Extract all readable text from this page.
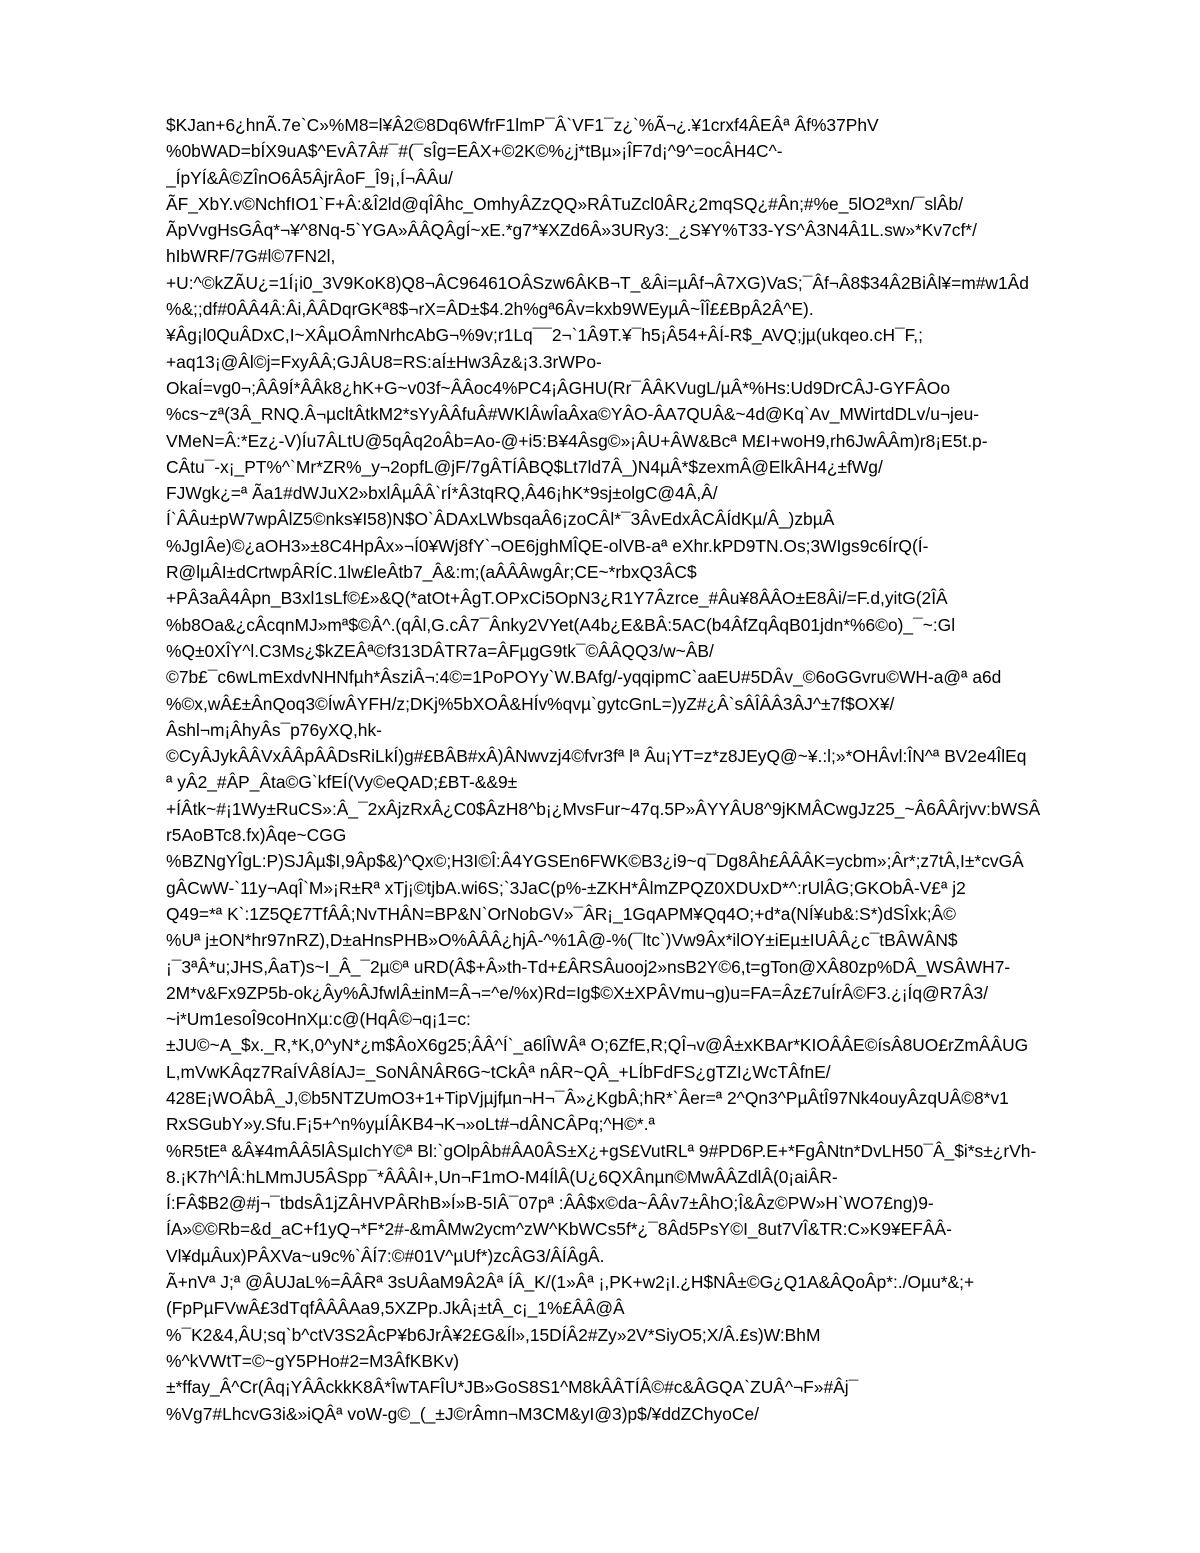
$KJan+6¿hnÃ.7e`C»%M8=l¥Â2©8Dq6WfrF1lmP¯Â`VF1¯z¿`%Ã¬¿.¥1crxf4ÂEÂª Âf%37PhV
%0bWAD=bÍX9uA$^EvÂ7Â#¯#(¯sÎg=EÂX+©2K©%¿j*tBµ»¡ÎF7d¡^9^=ocÂH4C^-
_ÍpYÍ&Â©ZÎnO6Â5ÂjrÂoF_Î9¡,Í¬ÂÂu/
ÃF_XbY.v©NchfIO1`F+Â:&Î2ld@qÎÂhc_OmhyÂZzQQ»RÂTuZcl0ÂR¿2mqSQ¿#Ân;#%e_5lO2ªxn/¯slÂb/
ÃpVvgHsGÂq*¬¥^8Nq-5`YGA»ÂÂQÂgÍ~xE.*g7*¥XZd6Â»3URy3:_¿S¥Y%T33-YS^Â3N4Â1L.sw»*Kv7cf*/
hIbWRF/7G#l©7FN2l,
+U:^©kZÃU¿=1Í¡i0_3V9KoK8)Q8¬ÂC96461OÂSzw6ÂKB¬T_&Âi=µÂf¬Â7XG)VaS;¯Âf¬Â8$34Â2BiÂl¥=m#w1Âd
%&;;df#0ÂÂ4Â:Âi,ÂÂDqrGKª8$¬rX=ÂD±$4.2h%gª6Âv=kxb9WEyµÂ~ÎÎ££BpÂ2Â^E).
¥Âg¡l0QuÂDxC,I~XÂµOÂmNrhcAbG¬%9v;r1Lq¯¯2¬`1Â9T.¥¯h5¡Â54+ÂÍ-R$_AVQ;jµ(ukqeo.cH¯F,;
+aq13¡@Âl©j=FxyÂÂ;GJÂU8=RS:aÍ±Hw3Âz&¡3.3rWPo-
OkaÍ=vg0¬;ÂÂ9Í*ÂÂk8¿hK+G~v03f~ÂÂoc4%PC4¡ÂGHU(Rr¯ÂÂKVugL/µÂ*%Hs:Ud9DrCÂJ-GYFÂOo
%cs~zª(3Â_RNQ.Â¬µcltÂtkM2*sYyÂÂfuÂ#WKlÂwÎaÂxa©YÂO-ÂA7QUÂ&~4d@Kq`Av_MWirtdDLv/u¬jeu-
VMeN=Â:*Ez¿-V)Íu7ÂLtU@5qÂq2oÂb=Ao-@+i5:B¥4Âsg©»¡ÂU+ÂW&Bcª M£I+woH9,rh6JwÂÂm)r8¡E5t.p-
CÂtu¯-x¡_PT%^`Mr*ZR%_y¬2opfL@jF/7gÂTÍÂBQ$Lt7ld7Â_)N4µÂ*$zexmÂ@ElkÂH4¿±fWg/
FJWgk¿=ª Ãa1#dWJuX2»bxlÂµÂÂ`rÍ*Â3tqRQ,Â46¡hK*9sj±olgC@4Â,Â/
Í`ÂÂu±pW7wpÂlZ5©nks¥I58)N$O`ÂDAxLWbsqaÂ6¡zoCÂl*¯3ÂvEdxÂCÂÍdKµ/Â_)zbµÂ
%JgIÂe)©¿aOH3»±8C4HpÂx»¬Í0¥Wj8fY`¬OE6jghMÎQE-olVB-aª eXhr.kPD9TN.Os;3WIgs9c6ÍrQ(Í-
R@lµÂI±dCrtwpÂRÍC.1lw£leÂtb7_Â&:m;(aÂÂÂwgÂr;CE~*rbxQ3ÂC$
+PÂ3aÂ4Âpn_B3xl1sLf©£»&Q(*atOt+ÂgT.OPxCi5OpN3¿R1Y7Âzrce_#Âu¥8ÂÂO±E8Âi/=F.d,yitG(2ÎÂ
%b8Oa&¿cÂcqnMJ»mª$©Â^.(qÂl,G.cÂ7¯Ânky2VYet(A4b¿E&BÂ:5AC(b4ÂfZqÂqB01jdn*%6©o)_¯~:Gl
%Q±0XÎY^l.C3Ms¿$kZEÂª©f313DÂTR7a=ÂFµgG9tk¯©ÂÂQQ3/w~ÂB/
©7b£¯c6wLmExdvNHNfµh*ÂsziÂ¬:4©=1PoPOYy`W.BAfg/-yqqipmC`aaEU#5DÂv_©6oGGvru©WH-a@ª a6d
%©x,wÂ£±ÂnQoq3©ÍwÂYFH/z;DKj%5bXOÂ&HÍv%qvµ`gytcGnL=)yZ#¿Â`sÂÎÂÂ3ÂJ^±7f$OX¥/
Âshl¬m¡ÂhyÂs¯p76yXQ,hk-
©CyÂJykÂÂVxÂÂpÂÂDsRiLkÍ)g#£BÂB#xÂ)ÂNwvzj4©fvr3fª lª Âu¡YT=z*z8JEyQ@~¥.:l;»*OHÂvl:ÎN^ª BV2e4ÎlEq
ª yÂ2_#ÂP_Âta©G`kfEÍ(Vy©eQAD;£BT-&&9±
+ÍÂtk~#¡1Wy±RuCS»:Â_¯2xÂjzRxÂ¿C0$ÂzH8^b¡¿MvsFur~47q.5P»ÂYYÂU8^9jKMÂCwgJz25_~Â6ÂÂrjvv:bWSÂ
r5AoBTc8.fx)Âqe~CGG
%BZNgYÎgL:P)SJÂµ$I,9Âp$&)^Qx©;H3I©Î:Â4YGSEn6FWK©B3¿i9~q¯Dg8Âh£ÂÂÂK=ycbm»;Âr*;z7tÂ,I±*cvGÂ
gÂCwW-`11y¬AqÎ`M»¡R±Rª xTj¡©tjbA.wi6S;`3JaC(p%-±ZKH*ÂlmZPQZ0XDUxD*^:rUlÂG;GKObÂ-V£ª j2
Q49=*ª K`:1Z5Q£7TfÂÂ;NvTHÂN=BP&N`OrNobGV»¯ÂR¡_1GqAPM¥Qq4O;+d*a(NÍ¥ub&:S*)dSÎxk;Â©
%Uª j±ON*hr97nRZ),D±aHnsPHB»O%ÂÂÂ¿hjÂ-^%1Â@-%(¯ltc`)Vw9Âx*ilOY±iEµ±IUÂÂ¿c¯tBÂWÂN$
¡¯3ªÂ*u;JHS,ÂaT)s~I_Â_¯2µ©ª uRD(Â$+Â»th-Td+£ÂRSÂuooj2»nsB2Y©6,t=gTon@XÂ80zp%DÂ_WSÂWH7-
2M*v&Fx9ZP5b-ok¿Ây%ÂJfwlÂ±inM=Â¬=^e/%x)Rd=Ig$©X±XPÂVmu¬g)u=FA=Âz£7uÍrÂ©F3.¿¡Íq@R7Â3/
~i*Um1esoÎ9coHnXµ:c@(HqÂ©¬q¡1=c:
±JU©~A_$x._R,*K,0^yN*¿m$ÂoX6g25;ÂÂ^Í`_a6lÎWÂª O;6ZfE,R;QÎ¬v@Â±xKBAr*KIOÂÂE©ísÂ8UO£rZmÂÂUG
L,mVwKÂqz7RaÍVÂ8ÍAJ=_SoNÂNÂR6G~tCkÂª nÂR~QÂ_+LÍbFdFS¿gTZI¿WcTÂfnE/
428E¡WOÂbÂ_J,©b5NTZUmO3+1+TipVjµjfµn¬H¬¯Â»¿KgbÂ;hR*`Âer=ª 2^Qn3^PµÂtÎ97Nk4ouyÂzqUÂ©8*v1
RxSGubY»y.Sfu.F¡5+^n%yµÍÂKB4¬K¬»oLt#¬dÂNCÂPq;^H©*.ª
%R5tEª &Â¥4mÂÂ5lÂSµIchY©ª Bl:`gOlpÂb#ÂA0ÂS±X¿+gS£VutRLª 9#PD6P.E+*FgÂNtn*DvLH50¯Â_$i*s±¿rVh-
8.¡K7h^lÂ:hLMmJU5ÂSpp¯*ÂÂÂI+,Un¬F1mO-M4ÍlÂ(U¿6QXÂnµn©MwÂÂZdlÂ(0¡aiÂR-
Í:FÂ$B2@#j¬¯tbdsÂ1jZÂHVPÂRhB»Í»B-5IÂ¯07pª :ÂÂ$x©da~ÂÂv7±ÂhO;Î&Âz©PW»H`WO7£ng)9-
ÍA»©©Rb=&d_aC+f1yQ¬*F*2#-&mÂMw2ycm^zW^KbWCs5f*¿¯8Âd5PsY©I_8ut7VÎ&TR:C»K9¥EFÂÂ-
Vl¥dµÂux)PÂXVa~u9c%`ÂÍ7:©#01V^µUf*)zcÂG3/ÂÍÂgÂ.
Ã+nVª J;ª @ÂUJaL%=ÂÂRª 3sUÂaM9Â2Âª ÍÂ_K/(1»Âª ¡,PK+w2¡I.¿H$NÂ±©G¿Q1A&ÂQoÂp*:./Oµu*&;+
(FpPµFVwÂ£3dTqfÂÂÂAa9,5XZPp.JkÂ¡±tÂ_c¡_1%£ÂÂ@Â
%¯K2&4,ÂU;sq`b^ctV3S2ÂcP¥b6JrÂ¥2£G&Íl»,15DÍÂ2#Zy»2V*SiyO5;X/Â.£s)W:BhM
%^kVWtT=©~gY5PHo#2=M3ÂfKBKv)
±*ffay_Â^Cr(Âq¡YÂÂckkK8Â*ÎwTAFÎU*JB»GoS8S1^M8kÂÂTÍÂ©#c&ÂGQA`ZUÂ^¬F»#Âj¯
%Vg7#LhcvG3i&»iQÂª voW-g©_(_±J©rÂmn¬M3CM&yI@3)p$/¥ddZChyoCe/
